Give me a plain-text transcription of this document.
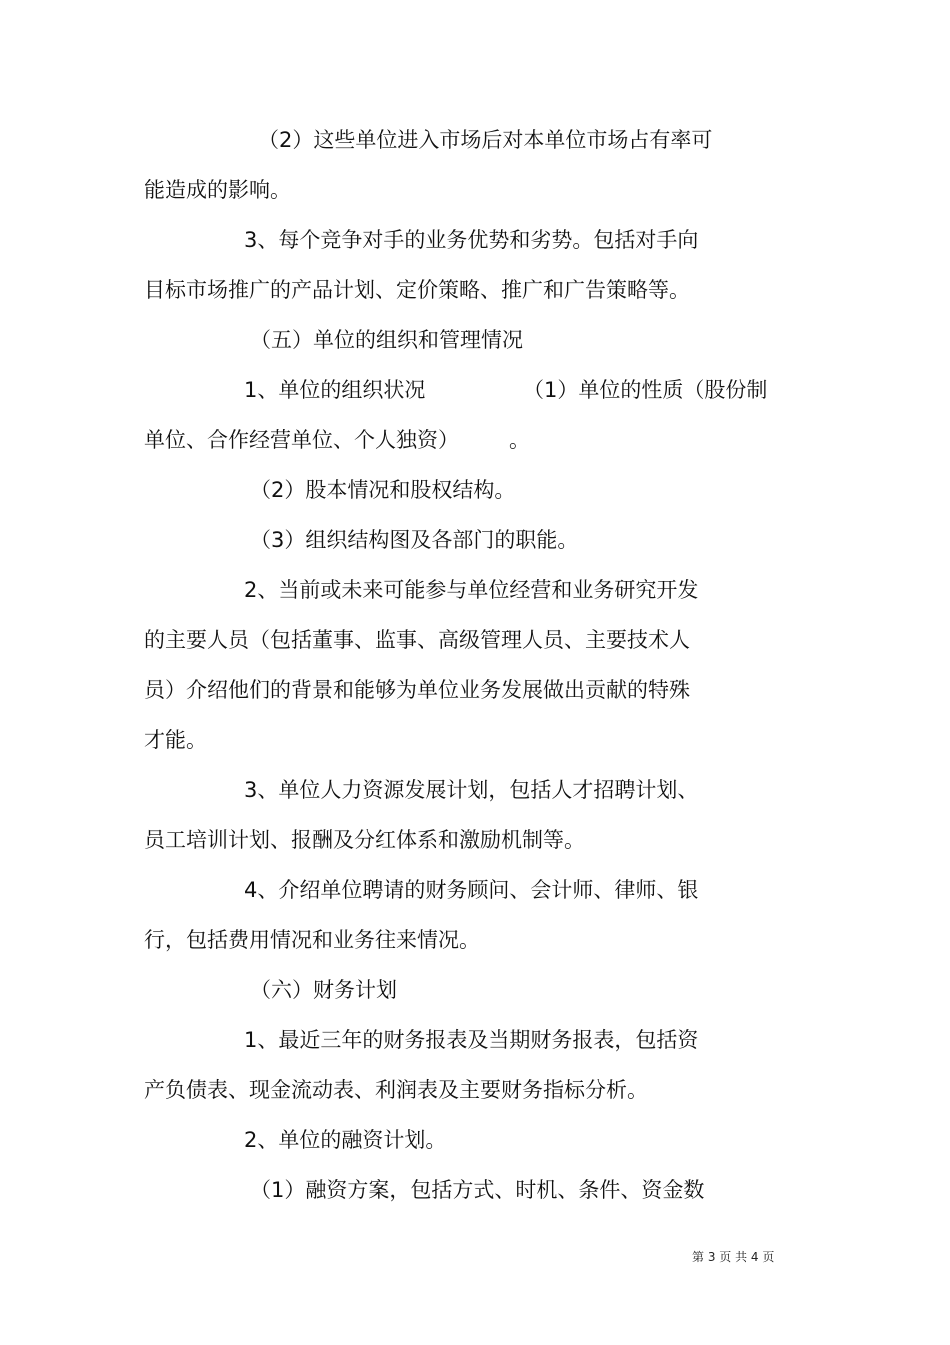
（2）这些单位进入市场后对本单位市场占有率可

能造成的影响。

3、每个竞争对手的业务优势和劣势。包括对手向

目标市场推广的产品计划、定价策略、推广和广告策略等。

（五）单位的组织和管理情况

1、单位的组织状况	（1）单位的性质（股份制

单位、合作经营单位、个人独资） 。

（2）股本情况和股权结构。

（3）组织结构图及各部门的职能。

2、当前或未来可能参与单位经营和业务研究开发

的主要人员（包括董事、监事、高级管理人员、主要技术人

员）介绍他们的背景和能够为单位业务发展做出贡献的特殊

才能。

3、单位人力资源发展计划，包括人才招聘计划、

员工培训计划、报酬及分红体系和激励机制等。

4、介绍单位聘请的财务顾问、会计师、律师、银

行，包括费用情况和业务往来情况。

（六）财务计划

1、最近三年的财务报表及当期财务报表，包括资

产负债表、现金流动表、利润表及主要财务指标分析。

2、单位的融资计划。

（1）融资方案，包括方式、时机、条件、资金数

第 3 页 共 4 页
